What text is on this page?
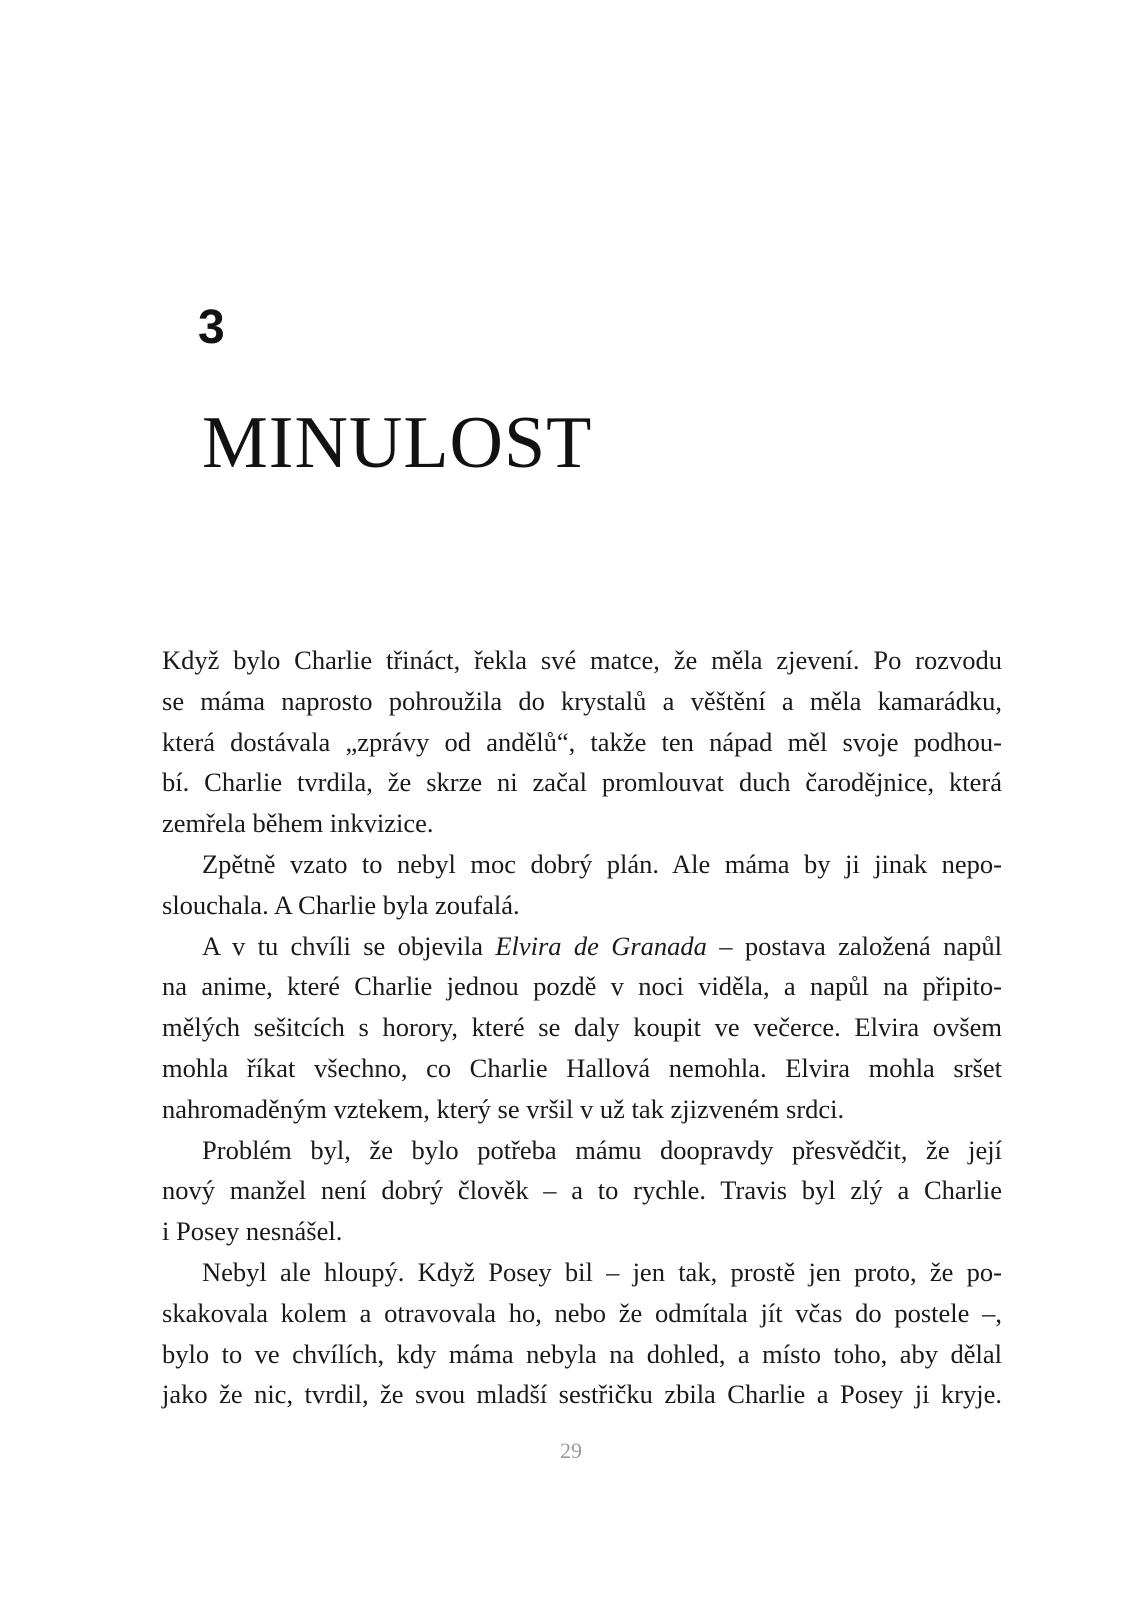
3
MINULOST
Když bylo Charlie třináct, řekla své matce, že měla zjevení. Po rozvodu
se máma naprosto pohroužila do krystalů a věštění a měla kamarádku,
která dostávala „zprávy od andělů“, takže ten nápad měl svoje podhou-
bí. Charlie tvrdila, že skrze ni začal promlouvat duch čarodějnice, která
zemřela během inkvizice.
Zpětně vzato to nebyl moc dobrý plán. Ale máma by ji jinak nepo-
slouchala. A Charlie byla zoufalá.
A v tu chvíli se objevila Elvira de Granada – postava založená napůl
na anime, které Charlie jednou pozdě v noci viděla, a napůl na připito-
mělých sešitcích s horory, které se daly koupit ve večerce. Elvira ovšem
mohla říkat všechno, co Charlie Hallová nemohla. Elvira mohla sršet
nahromaděným vztekem, který se vršil v už tak zjizveném srdci.
Problém byl, že bylo potřeba mámu doopravdy přesvědčit, že její
nový manžel není dobrý člověk – a to rychle. Travis byl zlý a Charlie
i Posey nesnášel.
Nebyl ale hloupý. Když Posey bil – jen tak, prostě jen proto, že po-
skakovala kolem a otravovala ho, nebo že odmítala jít včas do postele –,
bylo to ve chvílích, kdy máma nebyla na dohled, a místo toho, aby dělal
jako že nic, tvrdil, že svou mladší sestřičku zbila Charlie a Posey ji kryje.
29
